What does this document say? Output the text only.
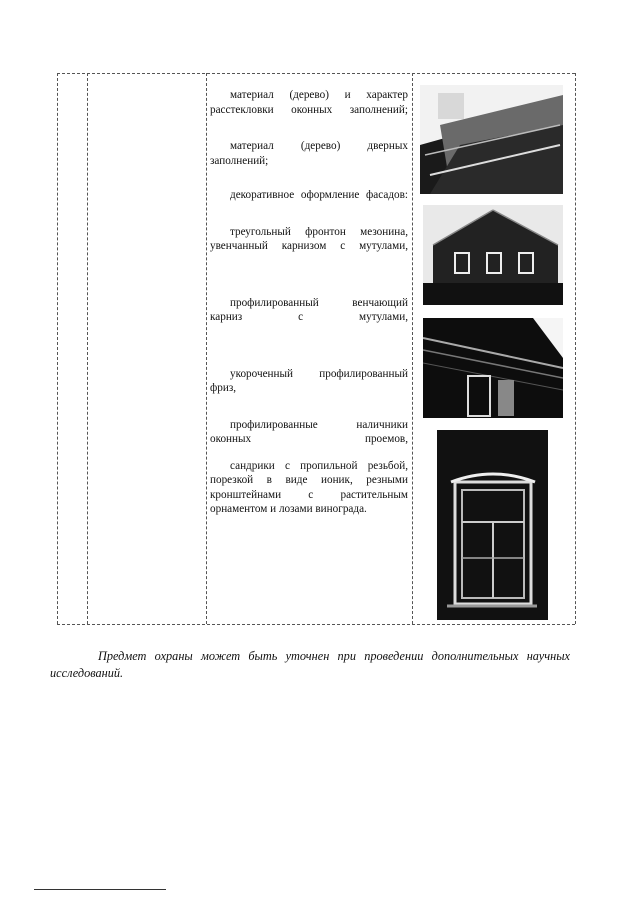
материал (дерево) и характер расстекловки оконных заполнений;

материал (дерево) дверных заполнений;

декоративное оформление фасадов:

треугольный фронтон мезонина, увенчанный карнизом с мутулами,

профилированный венчающий карниз с мутулами,

укороченный профилированный фриз,

профилированные наличники оконных проемов,

сандрики с пропильной резьбой, порезкой в виде ионик, резными кронштейнами с растительным орнаментом и лозами винограда.

Предмет охраны может быть уточнен при проведении дополнительных научных исследований.
